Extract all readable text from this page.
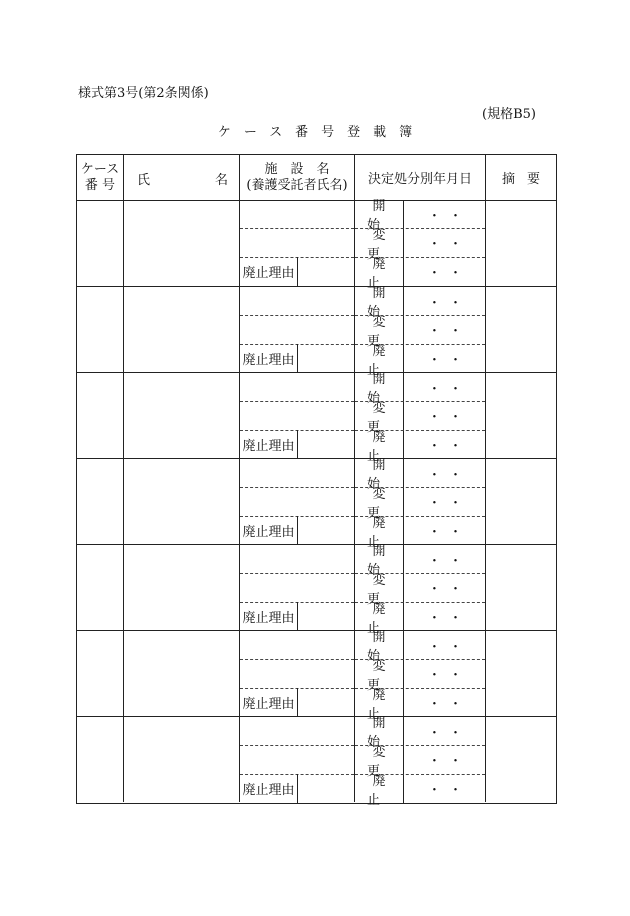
様式第3号(第2条関係)
(規格B5)
ケース番号登載簿
ケース
番 号 氏	名
施　設　名
(養護受託者氏名) 決定処分別年月日	摘要
廃止理由
開始
・ ・
変更
・ ・
廃止
・ ・
廃止理由
開始
・ ・
変更
・ ・
廃止
・ ・
廃止理由
開始
・ ・
変更
・ ・
廃止
・ ・
廃止理由
開始
・ ・
変更
・ ・
廃止
・ ・
廃止理由
開始
・ ・
変更
・ ・
廃止
・ ・
廃止理由
開始
・ ・
変更
・ ・
廃止
・ ・
廃止理由
開始
・ ・
変更
・ ・
廃止
・ ・
